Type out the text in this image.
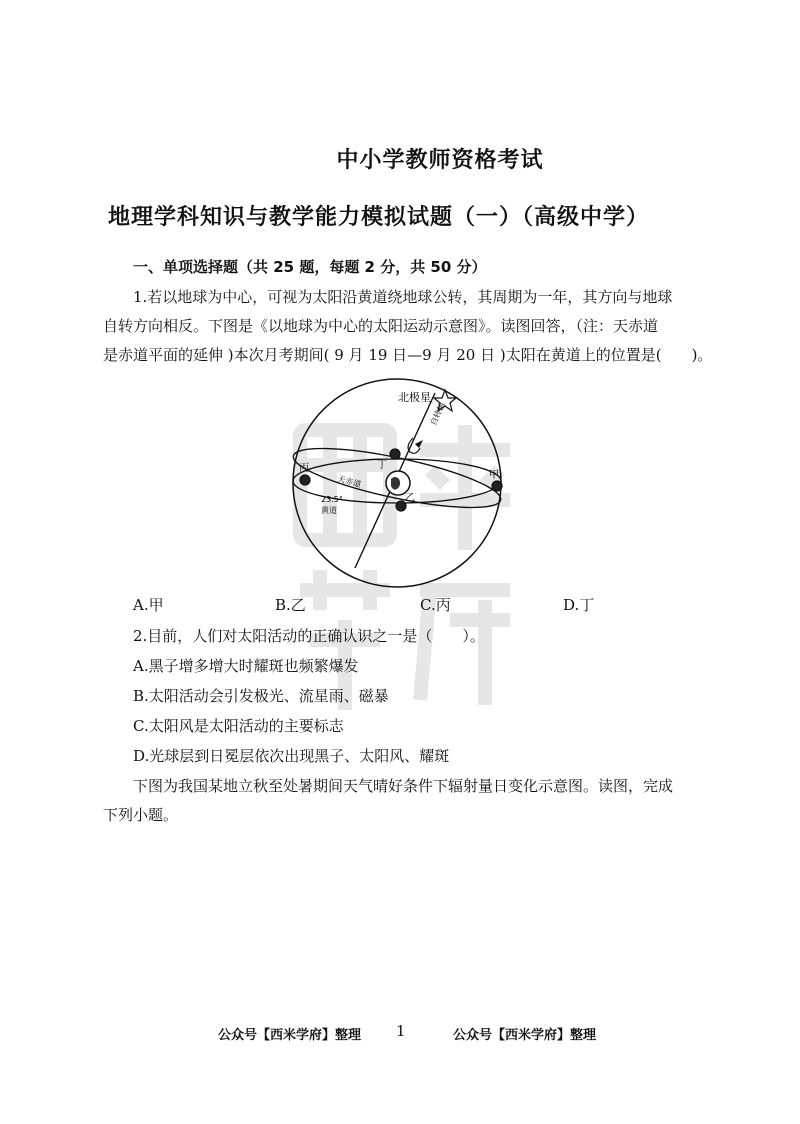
中小学教师资格考试
地理学科知识与教学能力模拟试题（一）（高级中学）
一、单项选择题（共 25 题，每题 2 分，共 50 分）
1.若以地球为中心，可视为太阳沿黄道绕地球公转，其周期为一年，其方向与地球
自转方向相反。下图是《以地球为中心的太阳运动示意图》。读图回答，（注：天赤道
是赤道平面的延伸 )本次月考期间( 9 月 19 日—9 月 20 日 )太阳在黄道上的位置是(　　)。
北极星
自转轴
丁
甲
丙
乙
天赤道
23.5°
黄道
A.甲	B.乙	C.丙	D.丁
2.目前，人们对太阳活动的正确认识之一是（　　）。
A.黑子增多增大时耀斑也频繁爆发
B.太阳活动会引发极光、流星雨、磁暴
C.太阳风是太阳活动的主要标志
D.光球层到日冕层依次出现黑子、太阳风、耀斑
下图为我国某地立秋至处暑期间天气晴好条件下辐射量日变化示意图。读图，完成
下列小题。
公众号【西米学府】整理 1	公众号【西米学府】整理
